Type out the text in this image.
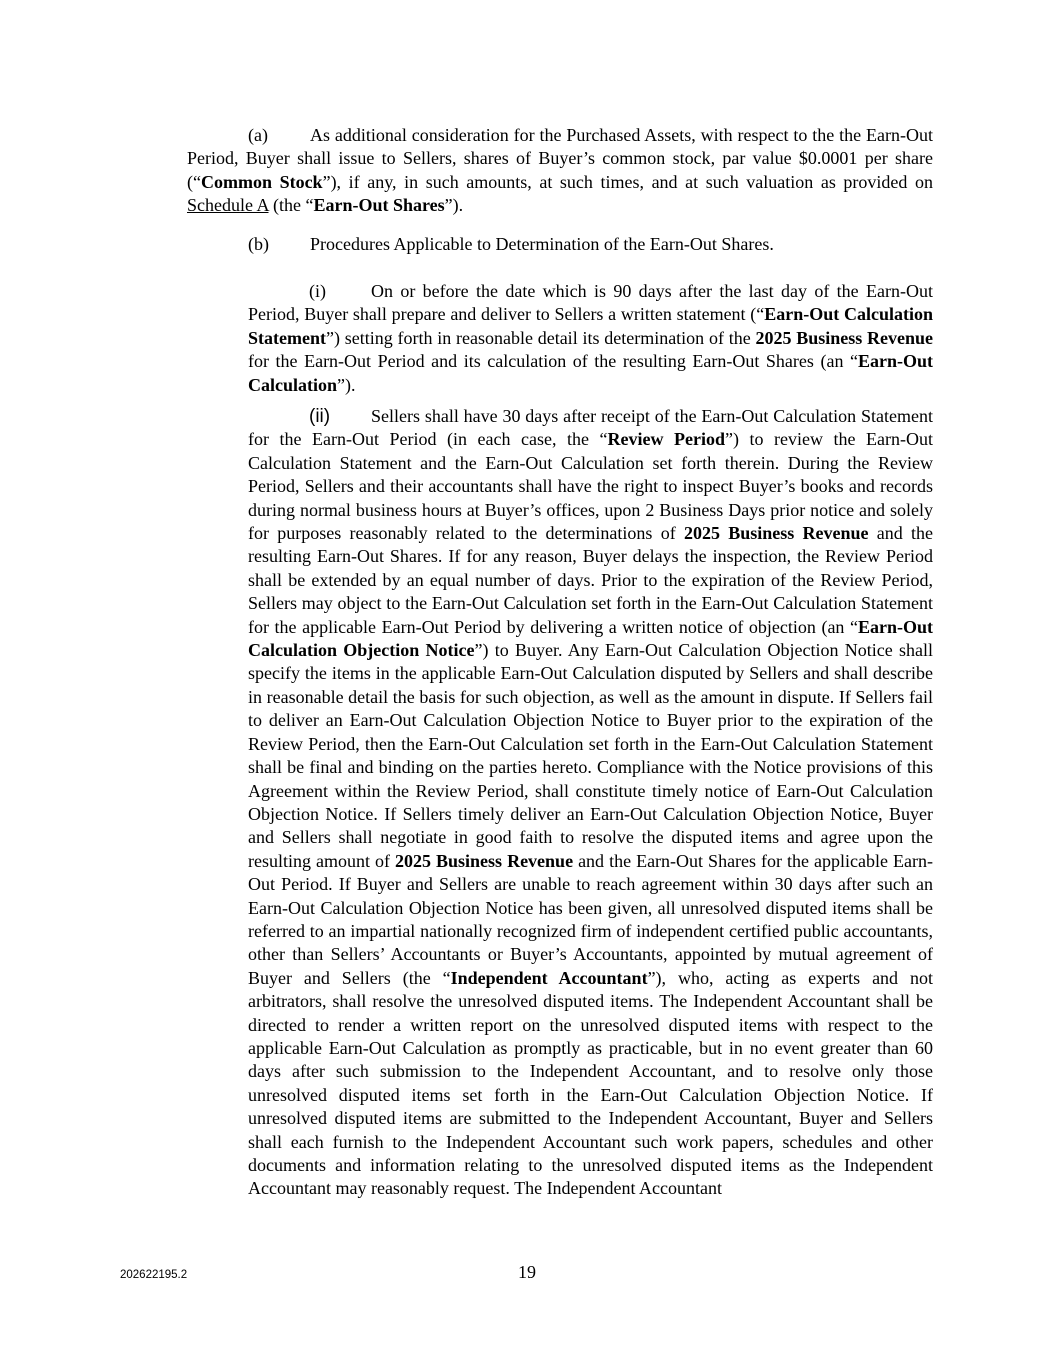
(a) As additional consideration for the Purchased Assets, with respect to the the Earn-Out Period, Buyer shall issue to Sellers, shares of Buyer’s common stock, par value $0.0001 per share (“Common Stock”), if any, in such amounts, at such times, and at such valuation as provided on Schedule A (the “Earn-Out Shares”).

(b) Procedures Applicable to Determination of the Earn-Out Shares.

(i)	On or before the date which is 90 days after the last day of the Earn-Out Period, Buyer shall prepare and deliver to Sellers a written statement (“Earn-Out Calculation Statement”) setting forth in reasonable detail its determination of the 2025 Business Revenue for the Earn-Out Period and its calculation of the resulting Earn-Out Shares (an “Earn-Out Calculation”).

(ii) Sellers shall have 30 days after receipt of the Earn-Out Calculation Statement for the Earn-Out Period (in each case, the “Review Period”) to review the Earn-Out Calculation Statement and the Earn-Out Calculation set forth therein. During the Review Period, Sellers and their accountants shall have the right to inspect Buyer’s books and records during normal business hours at Buyer’s offices, upon 2 Business Days prior notice and solely for purposes reasonably related to the determinations of 2025 Business Revenue and the resulting Earn-Out Shares. If for any reason, Buyer delays the inspection, the Review Period shall be extended by an equal number of days. Prior to the expiration of the Review Period, Sellers may object to the Earn-Out Calculation set forth in the Earn-Out Calculation Statement for the applicable Earn-Out Period by delivering a written notice of objection (an “Earn-Out Calculation Objection Notice”) to Buyer. Any Earn-Out Calculation Objection Notice shall specify the items in the applicable Earn-Out Calculation disputed by Sellers and shall describe in reasonable detail the basis for such objection, as well as the amount in dispute. If Sellers fail to deliver an Earn-Out Calculation Objection Notice to Buyer prior to the expiration of the Review Period, then the Earn-Out Calculation set forth in the Earn-Out Calculation Statement shall be final and binding on the parties hereto. Compliance with the Notice provisions of this Agreement within the Review Period, shall constitute timely notice of Earn-Out Calculation Objection Notice. If Sellers timely deliver an Earn-Out Calculation Objection Notice, Buyer and Sellers shall negotiate in good faith to resolve the disputed items and agree upon the resulting amount of 2025 Business Revenue and the Earn-Out Shares for the applicable Earn-Out Period. If Buyer and Sellers are unable to reach agreement within 30 days after such an Earn-Out Calculation Objection Notice has been given, all unresolved disputed items shall be referred to an impartial nationally recognized firm of independent certified public accountants, other than Sellers’ Accountants or Buyer’s Accountants, appointed by mutual agreement of Buyer and Sellers (the “Independent Accountant”), who, acting as experts and not arbitrators, shall resolve the unresolved disputed items. The Independent Accountant shall be directed to render a written report on the unresolved disputed items with respect to the applicable Earn-Out Calculation as promptly as practicable, but in no event greater than 60 days after such submission to the Independent Accountant, and to resolve only those unresolved disputed items set forth in the Earn-Out Calculation Objection Notice. If unresolved disputed items are submitted to the Independent Accountant, Buyer and Sellers shall each furnish to the Independent Accountant such work papers, schedules and other documents and information relating to the unresolved disputed items as the Independent Accountant may reasonably request. The Independent Accountant

202622195.2	19
